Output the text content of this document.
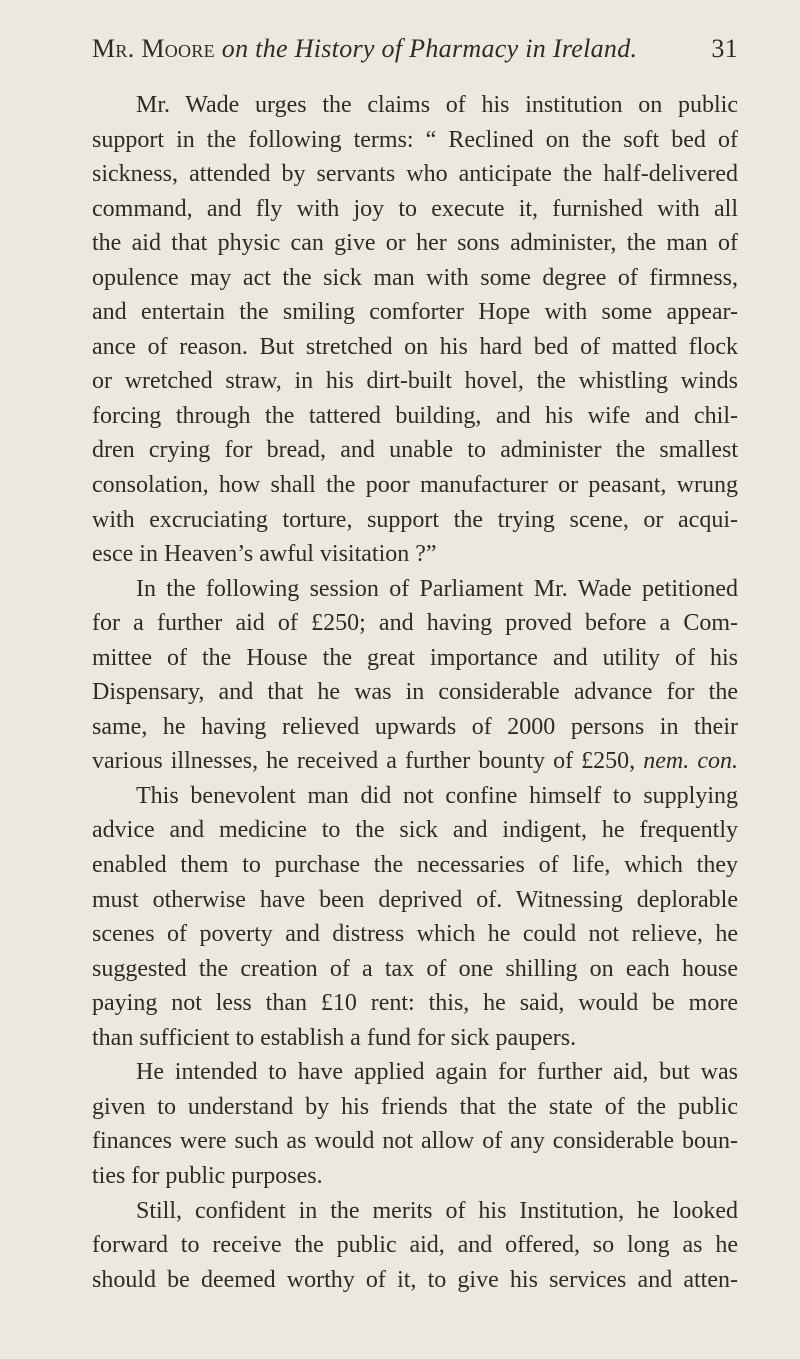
Mr. Moore on the History of Pharmacy in Ireland.	31
Mr. Wade urges the claims of his institution on public
support in the following terms: “ Reclined on the soft bed of
sickness, attended by servants who anticipate the half-delivered
command, and fly with joy to execute it, furnished with all
the aid that physic can give or her sons administer, the man of
opulence may act the sick man with some degree of firmness,
and entertain the smiling comforter Hope with some appear-
ance of reason. But stretched on his hard bed of matted flock
or wretched straw, in his dirt-built hovel, the whistling winds
forcing through the tattered building, and his wife and chil-
dren crying for bread, and unable to administer the smallest
consolation, how shall the poor manufacturer or peasant, wrung
with excruciating torture, support the trying scene, or acqui-
esce in Heaven’s awful visitation ?”
In the following session of Parliament Mr. Wade petitioned
for a further aid of £250; and having proved before a Com-
mittee of the House the great importance and utility of his
Dispensary, and that he was in considerable advance for the
same, he having relieved upwards of 2000 persons in their
various illnesses, he received a further bounty of £250, nem. con.
This benevolent man did not confine himself to supplying
advice and medicine to the sick and indigent, he frequently
enabled them to purchase the necessaries of life, which they
must otherwise have been deprived of. Witnessing deplorable
scenes of poverty and distress which he could not relieve, he
suggested the creation of a tax of one shilling on each house
paying not less than £10 rent: this, he said, would be more
than sufficient to establish a fund for sick paupers.
He intended to have applied again for further aid, but was
given to understand by his friends that the state of the public
finances were such as would not allow of any considerable boun-
ties for public purposes.
Still, confident in the merits of his Institution, he looked
forward to receive the public aid, and offered, so long as he
should be deemed worthy of it, to give his services and atten-
